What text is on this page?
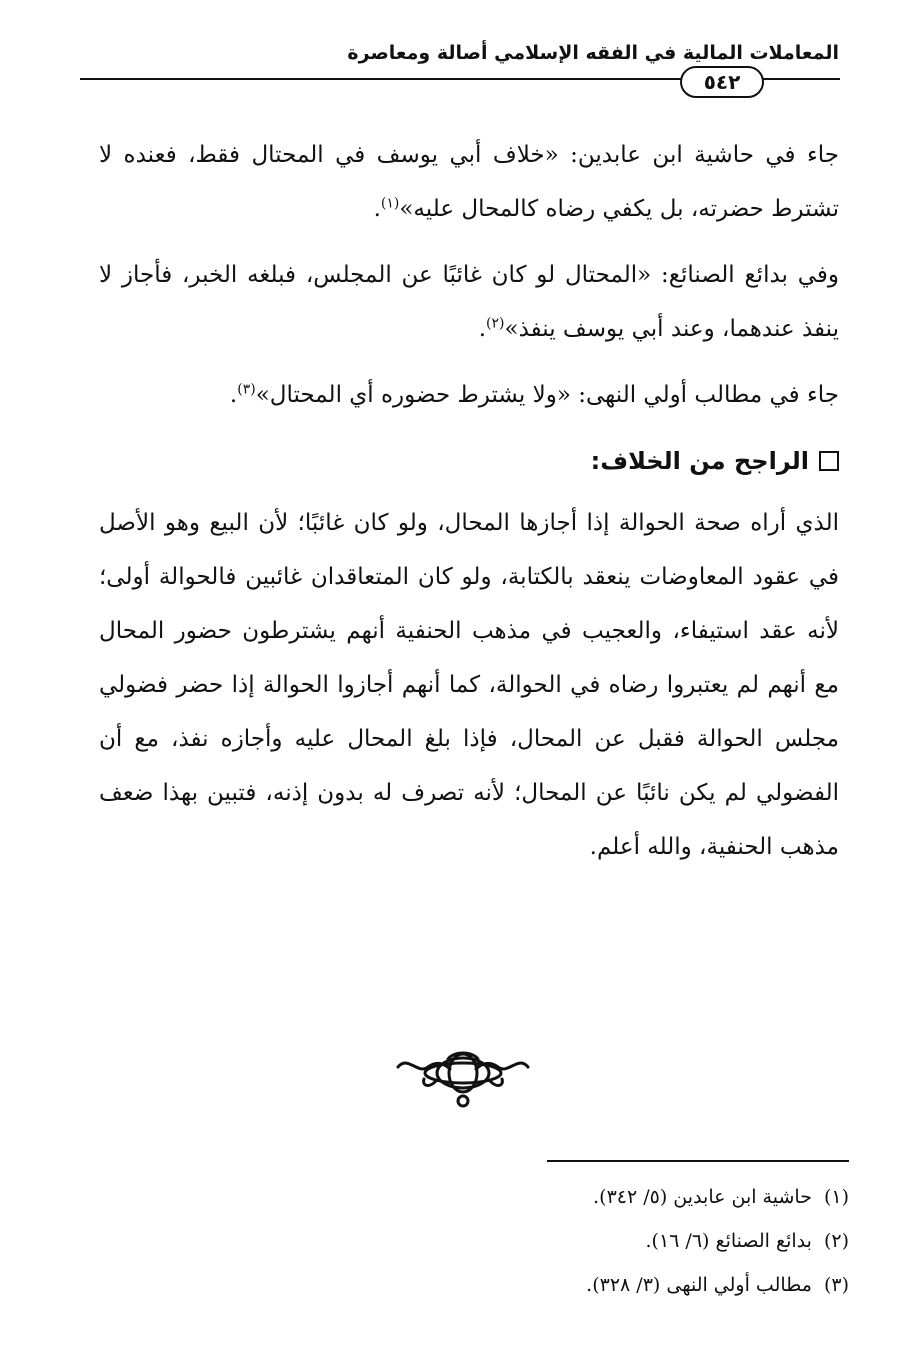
المعاملات المالية في الفقه الإسلامي أصالة ومعاصرة
٥٤٢

جاء في حاشية ابن عابدين: «خلاف أبي يوسف في المحتال فقط، فعنده لا تشترط حضرته، بل يكفي رضاه كالمحال عليه»$^{(١)}$.

وفي بدائع الصنائع: «المحتال لو كان غائبًا عن المجلس، فبلغه الخبر، فأجاز لا ينفذ عندهما، وعند أبي يوسف ينفذ»$^{(٢)}$.

جاء في مطالب أولي النهى: «ولا يشترط حضوره أي المحتال»$^{(٣)}$.

الراجح من الخلاف:

الذي أراه صحة الحوالة إذا أجازها المحال، ولو كان غائبًا؛ لأن البيع وهو الأصل في عقود المعاوضات ينعقد بالكتابة، ولو كان المتعاقدان غائبين فالحوالة أولى؛ لأنه عقد استيفاء، والعجيب في مذهب الحنفية أنهم يشترطون حضور المحال مع أنهم لم يعتبروا رضاه في الحوالة، كما أنهم أجازوا الحوالة إذا حضر فضولي مجلس الحوالة فقبل عن المحال، فإذا بلغ المحال عليه وأجازه نفذ، مع أن الفضولي لم يكن نائبًا عن المحال؛ لأنه تصرف له بدون إذنه، فتبين بهذا ضعف مذهب الحنفية، والله أعلم.

(١)حاشية ابن عابدين (٥/ ٣٤٢).
(٢)بدائع الصنائع (٦/ ١٦).
(٣)مطالب أولي النهى (٣/ ٣٢٨).
